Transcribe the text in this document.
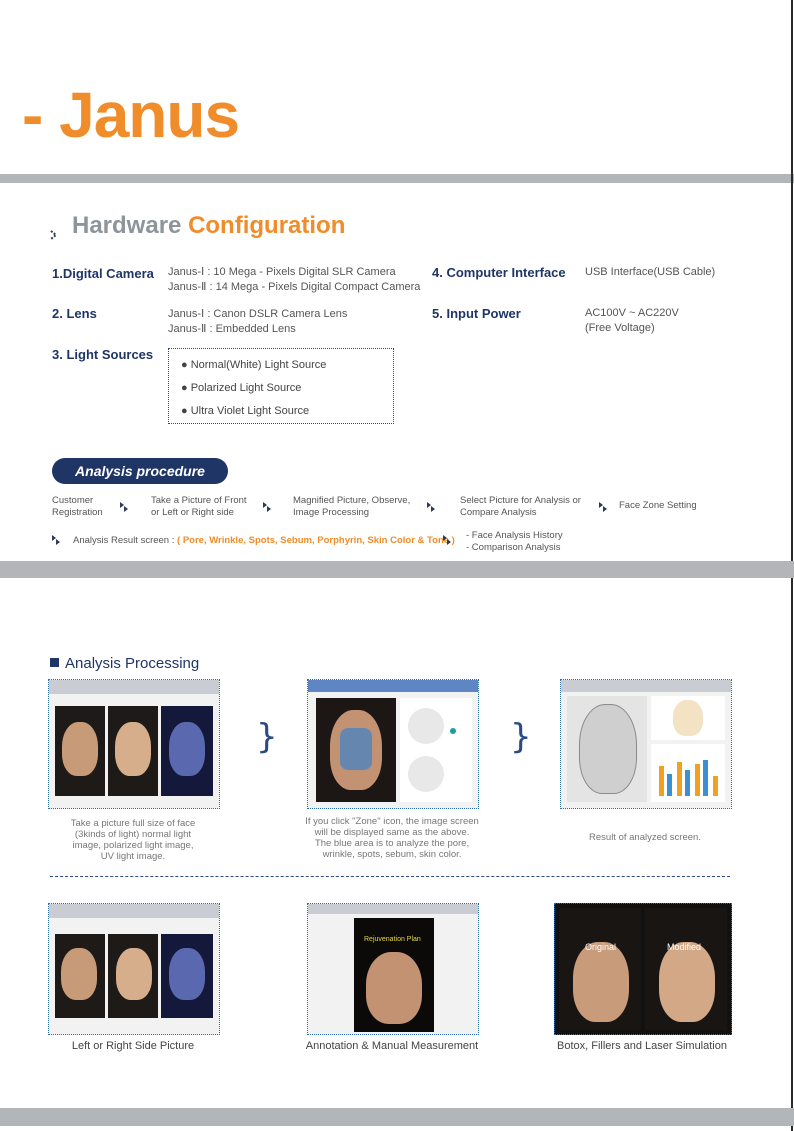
- Janus
Hardware Configuration
1.Digital Camera Janus-Ⅰ : 10 Mega - Pixels Digital SLR Camera
Janus-Ⅱ : 14 Mega - Pixels Digital Compact Camera
2. Lens	Janus-Ⅰ : Canon DSLR Camera Lens
Janus-Ⅱ : Embedded Lens
3. Light Sources
● Normal(White) Light Source
● Polarized Light Source
● Ultra Violet Light Source
4. Computer Interface USB Interface(USB Cable)
5. Input Power	AC100V ~ AC220V
(Free Voltage)
Analysis procedure
Customer
Registration
Take a Picture of Front
or Left or Right side
Magnified Picture, Observe,
Image Processing
Select Picture for Analysis or
Compare Analysis
Face Zone Setting
Analysis Result screen : ( Pore, Wrinkle, Spots, Sebum, Porphyrin, Skin Color & Tone ) - Face Analysis History
- Comparison Analysis
Analysis Processing
}	}
Take a picture full size of face
(3kinds of light) normal light
image, polarized light image,
UV light image.
If you click "Zone" icon, the image screen
will be displayed same as the above.
The blue area is to analyze the pore,
wrinkle, spots, sebum, skin color.
Result of analyzed screen.
Rejuvenation Plan
Original	Modified
Left or Right Side Picture	Annotation & Manual Measurement	Botox, Fillers and Laser Simulation
